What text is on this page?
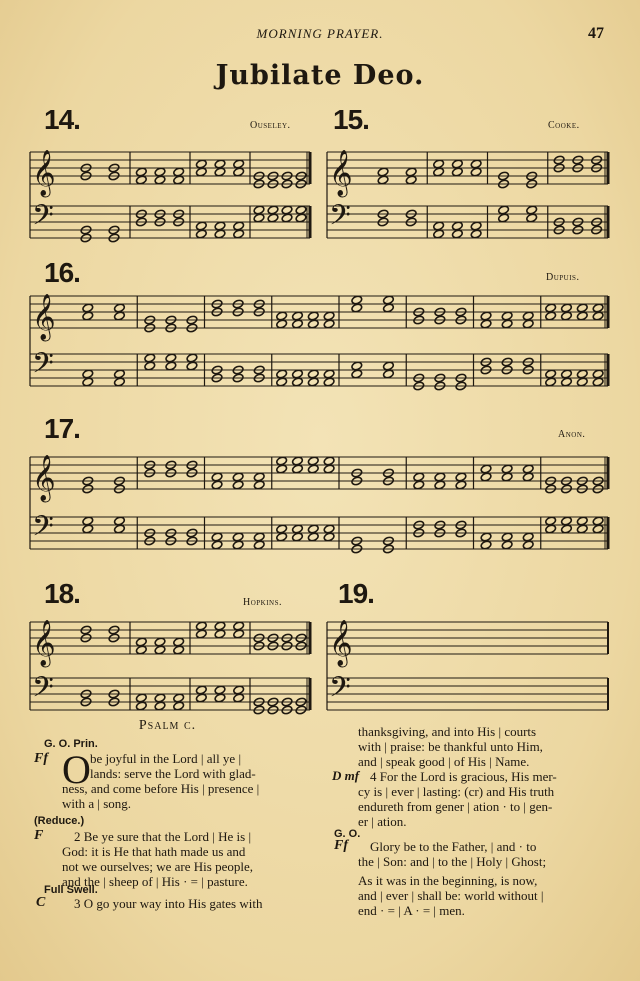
MORNING PRAYER.	47
Jubilate Deo.
14.	Ouseley. 15.	Cooke.
16.	Dupuis.
17.	Anon.
18.	Hopkins. 19.
𝄞
𝄢
𝄞
𝄢
𝄞
𝄢
𝄞
𝄢
𝄞
𝄢
𝄞
𝄢
Psalm c.
G. O. Prin.
Ff O be joyful in the Lord | all ye |
lands: serve the Lord with glad-
ness, and come before His | presence |
with a | song.
(Reduce.)
F 2 Be ye sure that the Lord | He is |
God: it is He that hath made us and
not we ourselves; we are His people,
and the | sheep of | His · = | pasture.
Full Swell.
C 3 O go your way into His gates with
thanksgiving, and into His | courts
with | praise: be thankful unto Him,
and | speak good | of His | Name.
D mf 4 For the Lord is gracious, His mer-
cy is | ever | lasting: (cr) and His truth
endureth from gener | ation · to | gen-
er | ation.
G. O.
Ff Glory be to the Father, | and · to
the | Son: and | to the | Holy | Ghost;
As it was in the beginning, is now,
and | ever | shall be: world without |
end · = | A · = | men.
